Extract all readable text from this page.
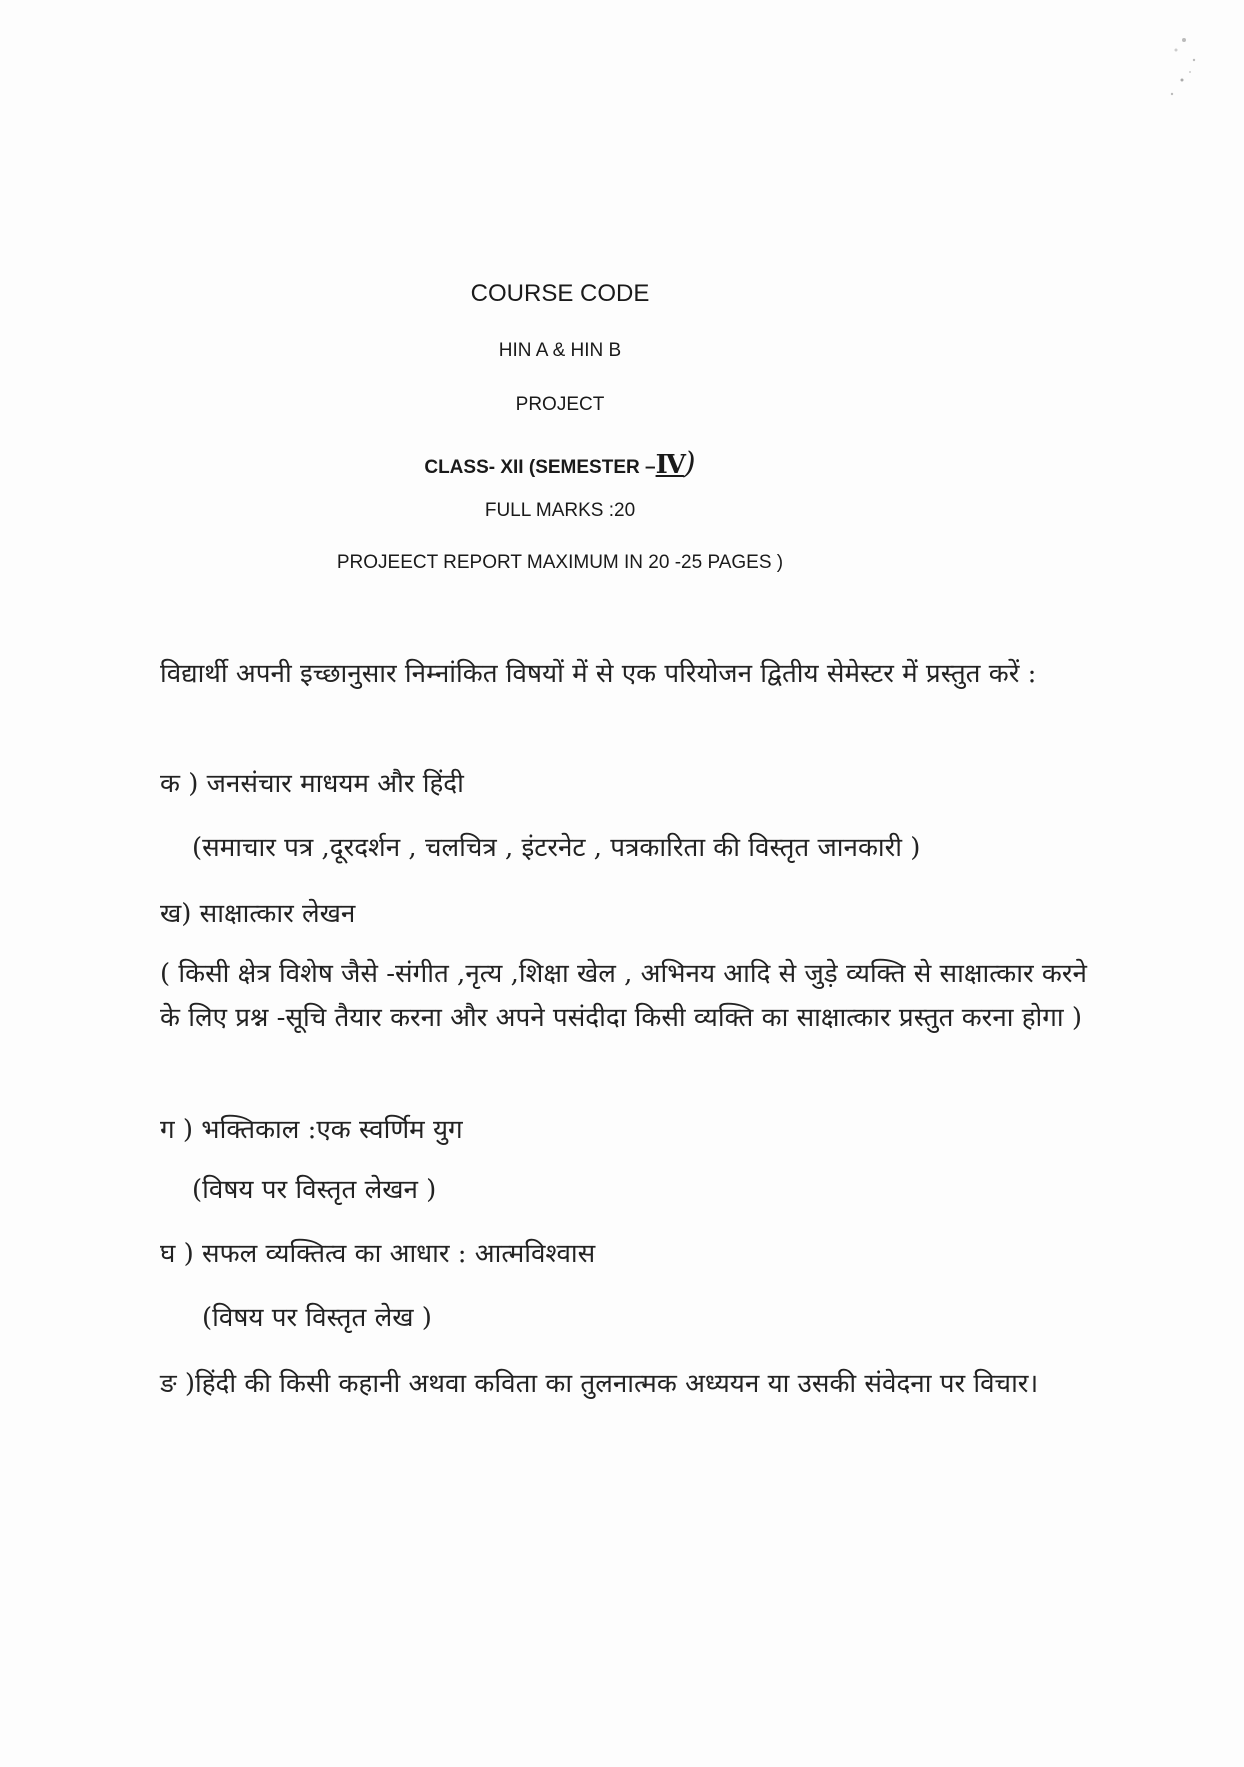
COURSE CODE
HIN A & HIN B
PROJECT
CLASS- XII (SEMESTER –IV)
FULL MARKS :20
PROJEECT REPORT MAXIMUM IN 20 -25 PAGES )
विद्यार्थी अपनी इच्छानुसार निम्नांकित विषयों में से एक परियोजन द्वितीय सेमेस्टर में प्रस्तुत करें :
क ) जनसंचार माधयम और हिंदी
(समाचार पत्र ,दूरदर्शन , चलचित्र , इंटरनेट , पत्रकारिता की विस्तृत जानकारी )
ख) साक्षात्कार लेखन
( किसी क्षेत्र विशेष जैसे -संगीत ,नृत्य ,शिक्षा खेल , अभिनय आदि से जुड़े व्यक्ति से साक्षात्कार करने के लिए प्रश्न -सूचि तैयार करना और अपने पसंदीदा किसी व्यक्ति का साक्षात्कार प्रस्तुत करना होगा )
ग ) भक्तिकाल :एक स्वर्णिम युग
(विषय पर विस्तृत लेखन )
घ ) सफल व्यक्तित्व का आधार : आत्मविश्वास
(विषय पर विस्तृत लेख )
ङ )हिंदी की किसी कहानी अथवा कविता का तुलनात्मक अध्ययन या उसकी संवेदना पर विचार।
